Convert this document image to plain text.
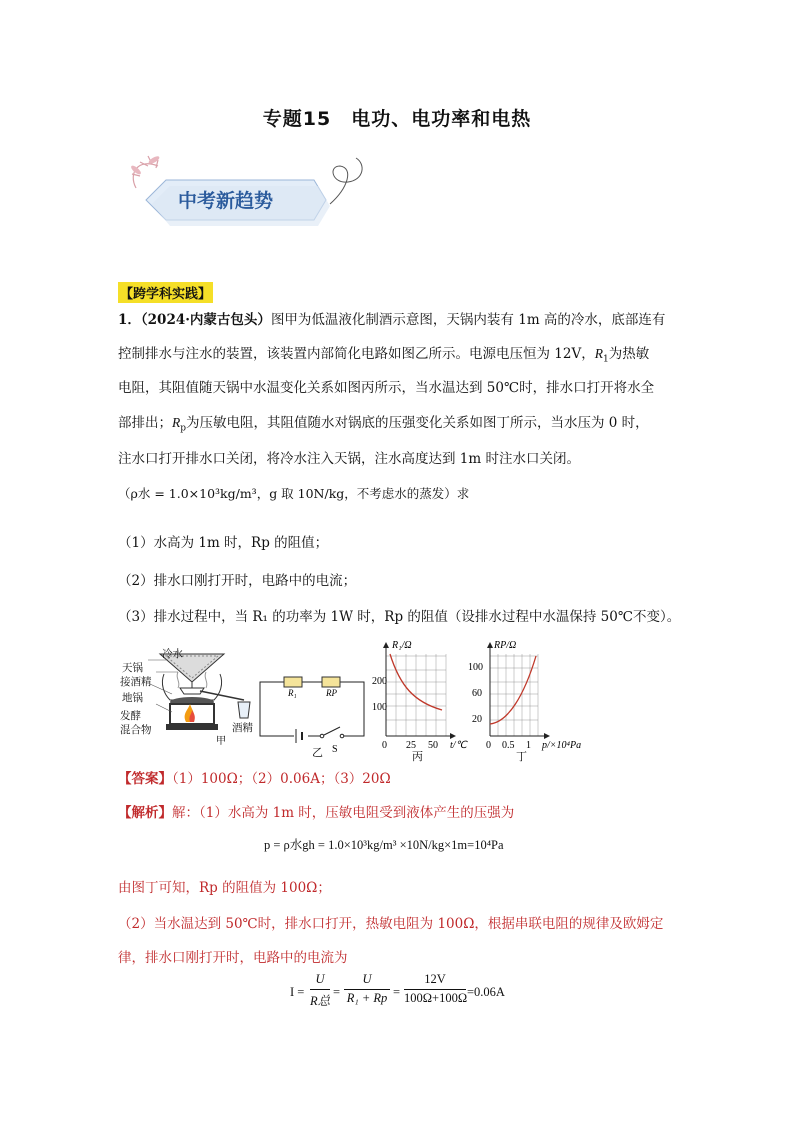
专题15　电功、电功率和电热
中考新趋势
【跨学科实践】
1．（2024·内蒙古包头）图甲为低温液化制酒示意图，天锅内装有 1m 高的冷水，底部连有
控制排水与注水的装置，该装置内部简化电路如图乙所示。电源电压恒为 12V，$R_1$为热敏
电阻，其阻值随天锅中水温变化关系如图丙所示，当水温达到 50℃时，排水口打开将水全
部排出；$R_p$为压敏电阻，其阻值随水对锅底的压强变化关系如图丁所示，当水压为 0 时，
注水口打开排水口关闭，将冷水注入天锅，注水高度达到 1m 时注水口关闭。
（ρ水 = 1.0×10³kg/m³，g 取 10N/kg，不考虑水的蒸发）求
（1）水高为 1m 时，Rp 的阻值；
（2）排水口刚打开时，电路中的电流；
（3）排水过程中，当 R₁ 的功率为 1W 时，Rp 的阻值（设排水过程中水温保持 50℃不变）。
甲
冷水
天锅
接酒精
地锅
发酵
混合物	酒精
R₁	RP
S
乙
200
100
0 25 50 t/℃
R₁/Ω
丙
100
60
20
0 0.5 1 p/×10⁴Pa
RP/Ω
丁
【答案】（1）100Ω；（2）0.06A；（3）20Ω
【解析】解：（1）水高为 1m 时，压敏电阻受到液体产生的压强为
p = ρ水gh = 1.0×10³kg/m³ ×10N/kg×1m=10⁴Pa
由图丁可知，Rp 的阻值为 100Ω；
（2）当水温达到 50℃时，排水口打开，热敏电阻为 100Ω，根据串联电阻的规律及欧姆定
律，排水口刚打开时，电路中的电流为
I =
U
R总
=
U
R₁ + Rp =
12V
100Ω+100Ω =0.06A
